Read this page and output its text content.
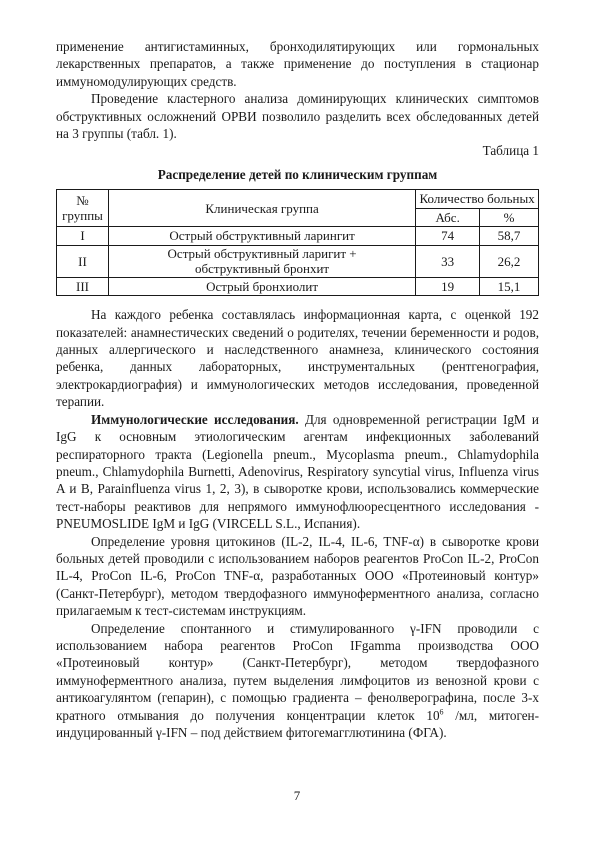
применение антигистаминных, бронходилятирующих или гормональных лекарственных препаратов, а также применение до поступления в стационар иммуномодулирующих средств.

Проведение кластерного анализа доминирующих клинических симптомов обструктивных осложнений ОРВИ позволило разделить всех обследованных детей на 3 группы (табл. 1).

Таблица 1

Распределение детей по клиническим группам

№ группы	Клиническая группа	Количество больных	
		Абс.	%
I	Острый обструктивный ларингит	74	58,7
II	Острый обструктивный ларигит + обструктивный бронхит	33	26,2
III	Острый бронхиолит	19	15,1

На каждого ребенка составлялась информационная карта, с оценкой 192 показателей: анамнестических сведений о родителях, течении беременности и родов, данных аллергического и наследственного анамнеза, клинического состояния ребенка, данных лабораторных, инструментальных (рентгенография, электрокардиография) и иммунологических методов исследования, проведенной терапии.

Иммунологические исследования. Для одновременной регистрации IgM и IgG к основным этиологическим агентам инфекционных заболеваний респираторного тракта (Legionella pneum., Mycoplasma pneum., Chlamydophila pneum., Chlamydophila Burnetti, Adenovirus, Respiratory syncytial virus, Influenza virus A и B, Parainfluenza virus 1, 2, 3), в сыворотке крови, использовались коммерческие тест-наборы реактивов для непрямого иммунофлюоресцентного исследования - PNEUMOSLIDE IgM и IgG (VIRCELL S.L., Испания).

Определение уровня цитокинов (IL-2, IL-4, IL-6, TNF-α) в сыворотке крови больных детей проводили с использованием наборов реагентов ProCon IL-2, ProCon IL-4, ProCon IL-6, ProCon TNF-α, разработанных ООО «Протеиновый контур» (Санкт-Петербург), методом твердофазного иммуноферментного анализа, согласно прилагаемым к тест-системам инструкциям.

Определение спонтанного и стимулированного γ-IFN проводили с использованием набора реагентов ProCon IFgamma производства ООО «Протеиновый контур» (Санкт-Петербург), методом твердофазного иммуноферментного анализа, путем выделения лимфоцитов из венозной крови с антикоагулянтом (гепарин), с помощью градиента – фенолверографина, после 3-х кратного отмывания до получения концентрации клеток $10^6$ /мл, митоген-индуцированный γ-IFN – под действием фитогемагглютинина (ФГА).

7
